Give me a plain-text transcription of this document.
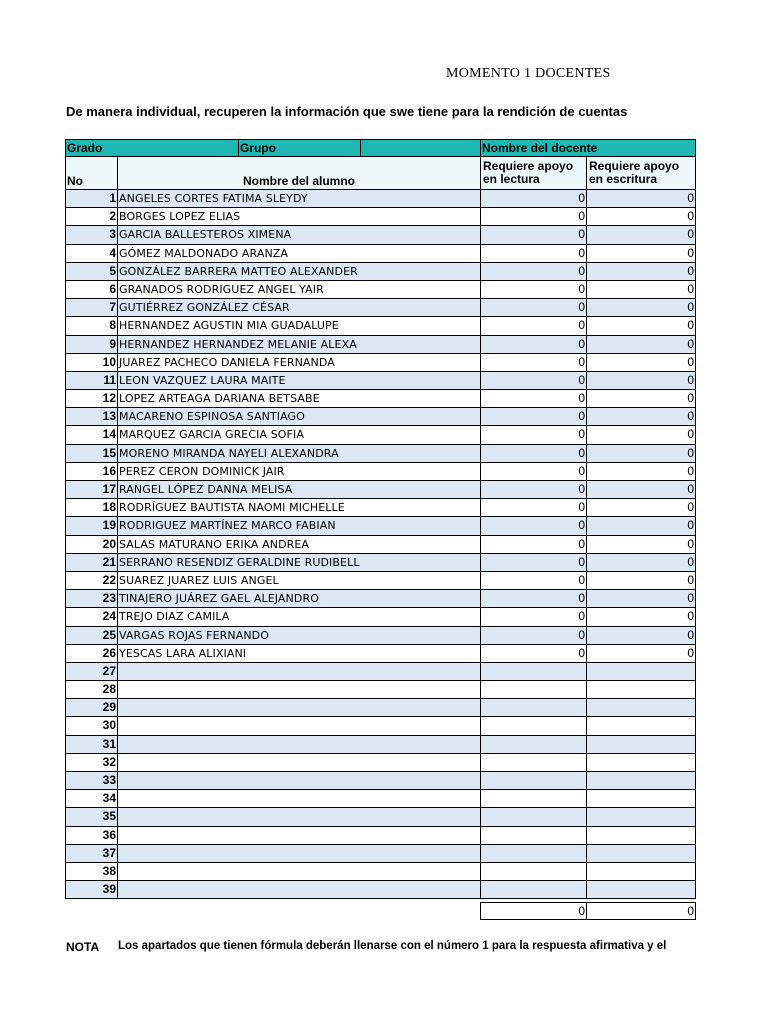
MOMENTO 1 DOCENTES
De manera individual, recuperen la información que swe tiene para la rendición de cuentas
Grado	Grupo	Nombre del docente
No	Nombre del alumno
Requiere apoyo
en lectura
Requiere apoyo
en escritura
1 ANGELES CORTES FATIMA SLEYDY	0	0
2 BORGES LOPEZ ELIAS	0	0
3 GARCIA BALLESTEROS XIMENA	0	0
4 GÓMEZ MALDONADO ARANZA	0	0
5 GONZÁLEZ BARRERA MATTEO ALEXANDER	0	0
6 GRANADOS RODRIGUEZ ANGEL YAIR	0	0
7 GUTIÉRREZ GONZÁLEZ CÉSAR	0	0
8 HERNANDEZ AGUSTIN MIA GUADALUPE	0	0
9 HERNANDEZ HERNANDEZ MELANIE ALEXA	0	0
10 JUAREZ PACHECO DANIELA FERNANDA	0	0
11 LEON VAZQUEZ LAURA MAITE	0	0
12 LOPEZ ARTEAGA DARIANA BETSABE	0	0
13 MACARENO ESPINOSA SANTIAGO	0	0
14 MARQUEZ GARCIA GRECIA SOFIA	0	0
15 MORENO MIRANDA NAYELI ALEXANDRA	0	0
16 PEREZ CERON DOMINICK JAIR	0	0
17 RANGEL LÓPEZ DANNA MELISA	0	0
18 RODRÍGUEZ BAUTISTA NAOMI MICHELLE	0	0
19 RODRIGUEZ MARTÍNEZ MARCO FABIAN	0	0
20 SALAS MATURANO ERIKA ANDREA	0	0
21 SERRANO RESENDIZ GERALDINE RUDIBELL	0	0
22 SUAREZ JUAREZ LUIS ANGEL	0	0
23 TINAJERO JUÁREZ GAEL ALEJANDRO	0	0
24 TREJO DIAZ CAMILA	0	0
25 VARGAS ROJAS FERNANDO	0	0
26 YESCAS LARA ALIXIANI	0	0
27
28
29
30
31
32
33
34
35
36
37
38
39
0	0
NOTA Los apartados que tienen fórmula deberán llenarse con el número 1 para la respuesta afirmativa y el
